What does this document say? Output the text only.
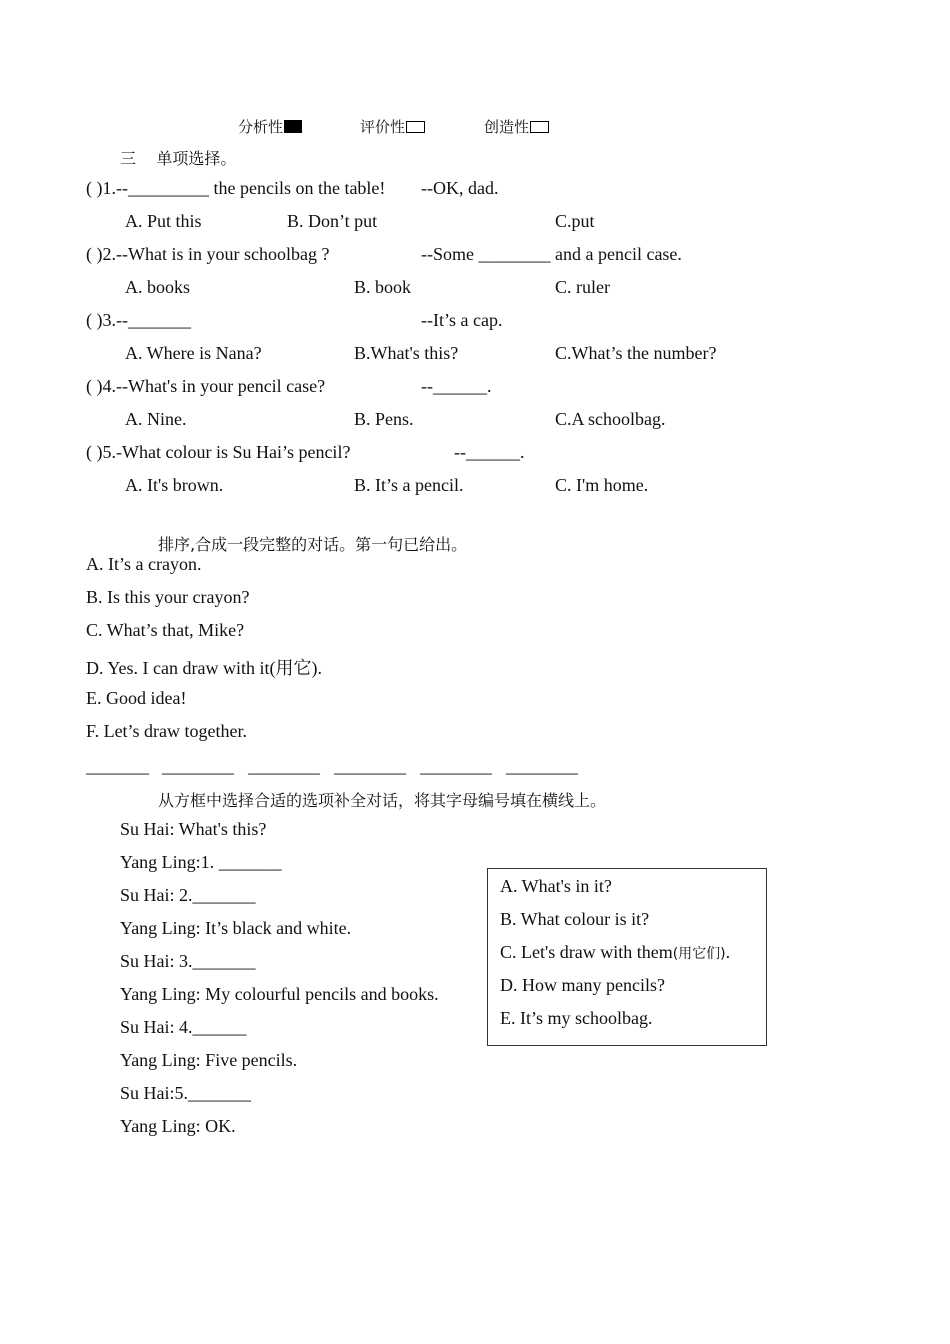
分析性	评价性	创造性
三    单项选择。
( )1.--_________ the pencils on the table! --OK, dad.
A. Put this	B. Don’t put	C.put
( )2.--What is in your schoolbag ?	--Some ________ and a pencil case.
A. books	B. book	C. ruler
( )3.--_______	--It’s a cap.
A. Where is Nana?	B.What's this?	C.What’s the number?
( )4.--What's in your pencil case?	--______.
A. Nine.	B. Pens.	C.A schoolbag.
( )5.-What colour is Su Hai’s pencil?	--______.
A. It's brown.	B. It’s a pencil.	C. I'm home.
排序,合成一段完整的对话。第一句已给出。
A. It’s a crayon.
B. Is this your crayon?
C. What’s that, Mike?
D. Yes. I can draw with it(用它).
E. Good idea!
F. Let’s draw together.
_______ ________ ________ ________ ________ ________
从方框中选择合适的选项补全对话，将其字母编号填在横线上。
Su Hai: What's this?
Yang Ling:1. _______
Su Hai: 2._______
Yang Ling: It’s black and white.
Su Hai: 3._______
Yang Ling: My colourful pencils and books.
Su Hai: 4.______
Yang Ling: Five pencils.
Su Hai:5._______
Yang Ling: OK.
A. What's in it?
B. What colour is it?
C. Let's draw with them(用它们).
D. How many pencils?
E. It’s my schoolbag.
